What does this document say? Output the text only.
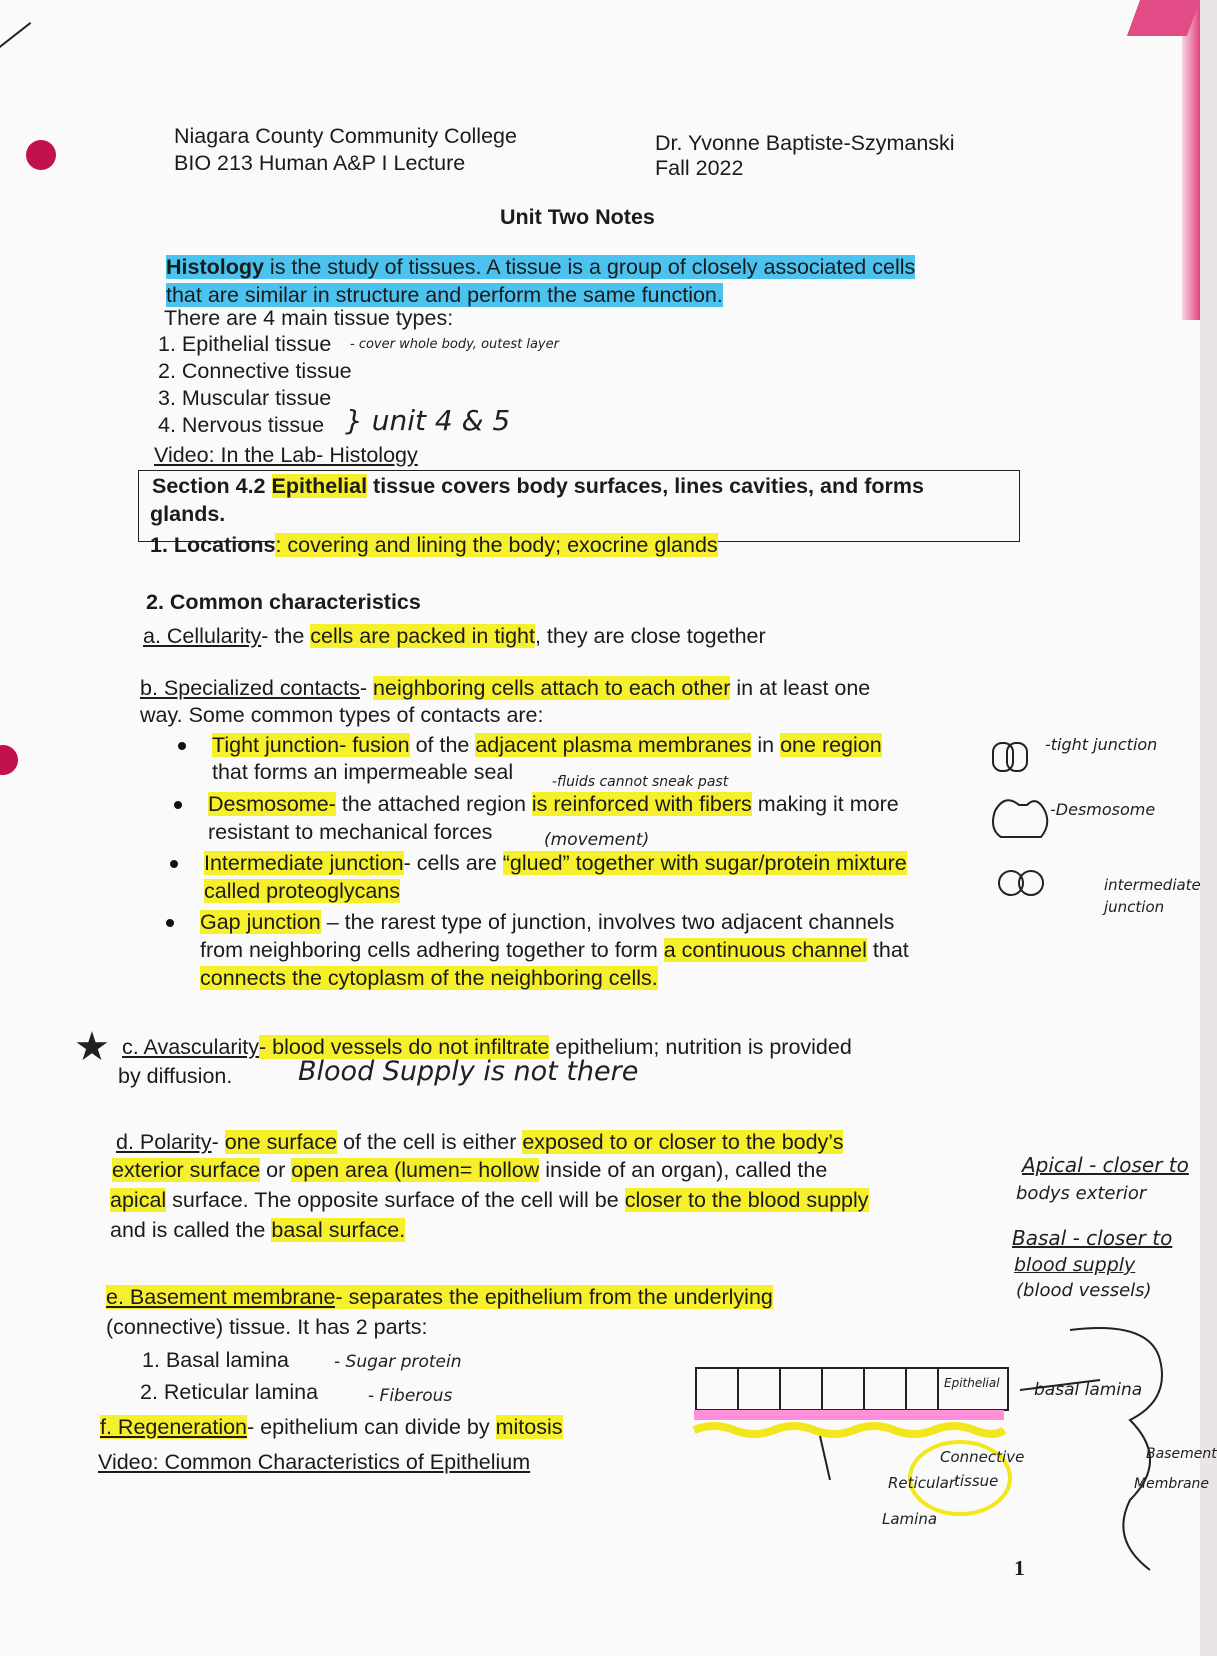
Niagara County Community College
BIO 213 Human A&P I Lecture
Dr. Yvonne Baptiste-Szymanski
Fall 2022
Unit Two Notes
Histology is the study of tissues. A tissue is a group of closely associated cells
that are similar in structure and perform the same function.
There are 4 main tissue types:
1. Epithelial tissue
2. Connective tissue
3. Muscular tissue
4. Nervous tissue
Video: In the Lab- Histology
Section 4.2 Epithelial tissue covers body surfaces, lines cavities, and forms
glands.
1. Locations: covering and lining the body; exocrine glands
2. Common characteristics
a. Cellularity- the cells are packed in tight, they are close together
b. Specialized contacts- neighboring cells attach to each other in at least one
way. Some common types of contacts are:
Tight junction- fusion of the adjacent plasma membranes in one region
that forms an impermeable seal	-fluids cannot sneak past
Desmosome- the attached region is reinforced with fibers making it more
resistant to mechanical forces	(movement)
Intermediate junction- cells are “glued” together with sugar/protein mixture
called proteoglycans
Gap junction – the rarest type of junction, involves two adjacent channels
from neighboring cells adhering together to form a continuous channel that
connects the cytoplasm of the neighboring cells.
★ c. Avascularity- blood vessels do not infiltrate epithelium; nutrition is provided
by diffusion. Blood Supply is not there
d. Polarity- one surface of the cell is either exposed to or closer to the body’s
exterior surface or open area (lumen= hollow inside of an organ), called the
apical surface. The opposite surface of the cell will be closer to the blood supply
and is called the basal surface.
Apical - closer to
bodys exterior
Basal - closer to
blood supply
(blood vessels)
e. Basement membrane- separates the epithelium from the underlying
(connective) tissue. It has 2 parts:
1. Basal lamina	- Sugar protein
2. Reticular lamina	- Fiberous
f. Regeneration- epithelium can divide by mitosis
Video: Common Characteristics of Epithelium
-tight junction
-Desmosome
intermediate
junction
- cover whole body, outest layer
} unit 4 & 5
Epithelial basal lamina
Connective
tissue
Reticular
Lamina
Basement
Membrane
1
